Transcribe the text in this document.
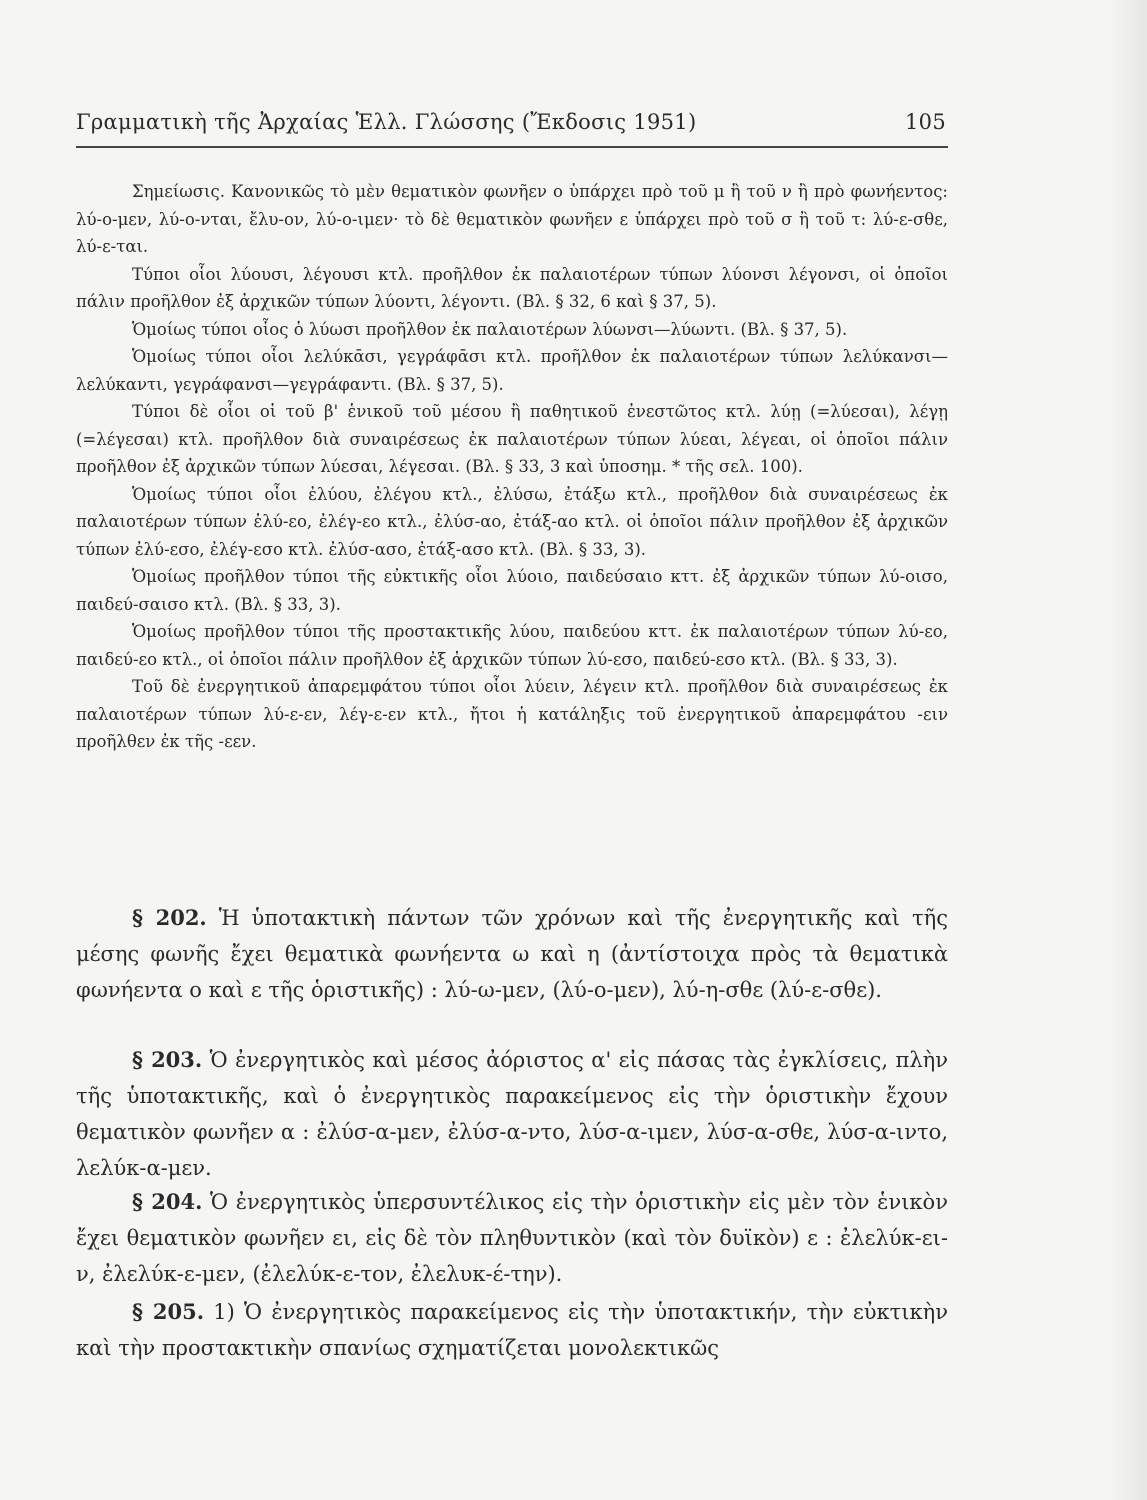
Γραμματικὴ τῆς Ἀρχαίας Ἑλλ. Γλώσσης (Ἔκδοσις 1951)	105

Σημείωσις. Κανονικῶς τὸ μὲν θεματικὸν φωνῆεν ο ὑπάρχει πρὸ τοῦ μ ἢ τοῦ ν ἢ πρὸ φωνήεντος: λύ-ο-μεν, λύ-ο-νται, ἔλυ-ον, λύ-ο-ιμεν· τὸ δὲ θεματικὸν φωνῆεν ε ὑπάρχει πρὸ τοῦ σ ἢ τοῦ τ: λύ-ε-σθε, λύ-ε-ται.

Τύποι οἷοι λύουσι, λέγουσι κτλ. προῆλθον ἐκ παλαιοτέρων τύπων λύονσι λέγονσι, οἱ ὁποῖοι πάλιν προῆλθον ἐξ ἀρχικῶν τύπων λύοντι, λέγοντι. (Βλ. § 32, 6 καὶ § 37, 5).

Ὁμοίως τύποι οἷος ὁ λύωσι προῆλθον ἐκ παλαιοτέρων λύωνσι—λύωντι. (Βλ. § 37, 5).

Ὁμοίως τύποι οἷοι λελύκᾱσι, γεγράφᾱσι κτλ. προῆλθον ἐκ παλαιοτέρων τύπων λελύκανσι—λελύκαντι, γεγράφανσι—γεγράφαντι. (Βλ. § 37, 5).

Τύποι δὲ οἷοι οἱ τοῦ β' ἑνικοῦ τοῦ μέσου ἢ παθητικοῦ ἐνεστῶτος κτλ. λύῃ (=λύεσαι), λέγῃ (=λέγεσαι) κτλ. προῆλθον διὰ συναιρέσεως ἐκ παλαιοτέρων τύπων λύεαι, λέγεαι, οἱ ὁποῖοι πάλιν προῆλθον ἐξ ἀρχικῶν τύπων λύεσαι, λέγεσαι. (Βλ. § 33, 3 καὶ ὑποσημ. * τῆς σελ. 100).

Ὁμοίως τύποι οἷοι ἐλύου, ἐλέγου κτλ., ἐλύσω, ἐτάξω κτλ., προῆλθον διὰ συναιρέσεως ἐκ παλαιοτέρων τύπων ἐλύ-εο, ἐλέγ-εο κτλ., ἐλύσ-αο, ἐτάξ-αο κτλ. οἱ ὁποῖοι πάλιν προῆλθον ἐξ ἀρχικῶν τύπων ἐλύ-εσο, ἐλέγ-εσο κτλ. ἐλύσ-ασο, ἐτάξ-ασο κτλ. (Βλ. § 33, 3).

Ὁμοίως προῆλθον τύποι τῆς εὐκτικῆς οἷοι λύοιο, παιδεύσαιο κττ. ἐξ ἀρχικῶν τύπων λύ-οισο, παιδεύ-σαισο κτλ. (Βλ. § 33, 3).

Ὁμοίως προῆλθον τύποι τῆς προστακτικῆς λύου, παιδεύου κττ. ἐκ παλαιοτέρων τύπων λύ-εο, παιδεύ-εο κτλ., οἱ ὁποῖοι πάλιν προῆλθον ἐξ ἀρχικῶν τύπων λύ-εσο, παιδεύ-εσο κτλ. (Βλ. § 33, 3).

Τοῦ δὲ ἐνεργητικοῦ ἀπαρεμφάτου τύποι οἷοι λύειν, λέγειν κτλ. προῆλθον διὰ συναιρέσεως ἐκ παλαιοτέρων τύπων λύ-ε-εν, λέγ-ε-εν κτλ., ἤτοι ἡ κατάληξις τοῦ ἐνεργητικοῦ ἀπαρεμφάτου -ειν προῆλθεν ἐκ τῆς -εεν.

§ 202. Ἡ ὑποτακτικὴ πάντων τῶν χρόνων καὶ τῆς ἐνεργητικῆς καὶ τῆς μέσης φωνῆς ἔχει θεματικὰ φωνήεντα ω καὶ η (ἀντίστοιχα πρὸς τὰ θεματικὰ φωνήεντα ο καὶ ε τῆς ὁριστικῆς) : λύ-ω-μεν, (λύ-ο-μεν), λύ-η-σθε (λύ-ε-σθε).

§ 203. Ὁ ἐνεργητικὸς καὶ μέσος ἀόριστος α' εἰς πάσας τὰς ἐγκλίσεις, πλὴν τῆς ὑποτακτικῆς, καὶ ὁ ἐνεργητικὸς παρακείμενος εἰς τὴν ὁριστικὴν ἔχουν θεματικὸν φωνῆεν α : ἐλύσ-α-μεν, ἐλύσ-α-ντο, λύσ-α-ιμεν, λύσ-α-σθε, λύσ-α-ιντο, λελύκ-α-μεν.

§ 204. Ὁ ἐνεργητικὸς ὑπερσυντέλικος εἰς τὴν ὁριστικὴν εἰς μὲν τὸν ἑνικὸν ἔχει θεματικὸν φωνῆεν ει, εἰς δὲ τὸν πληθυντικὸν (καὶ τὸν δυϊκὸν) ε : ἐλελύκ-ει-ν, ἐλελύκ-ε-μεν, (ἐλελύκ-ε-τον, ἐλελυκ-έ-την).

§ 205. 1) Ὁ ἐνεργητικὸς παρακείμενος εἰς τὴν ὑποτακτικήν, τὴν εὐκτικὴν καὶ τὴν προστακτικὴν σπανίως σχηματίζεται μονολεκτικῶς
